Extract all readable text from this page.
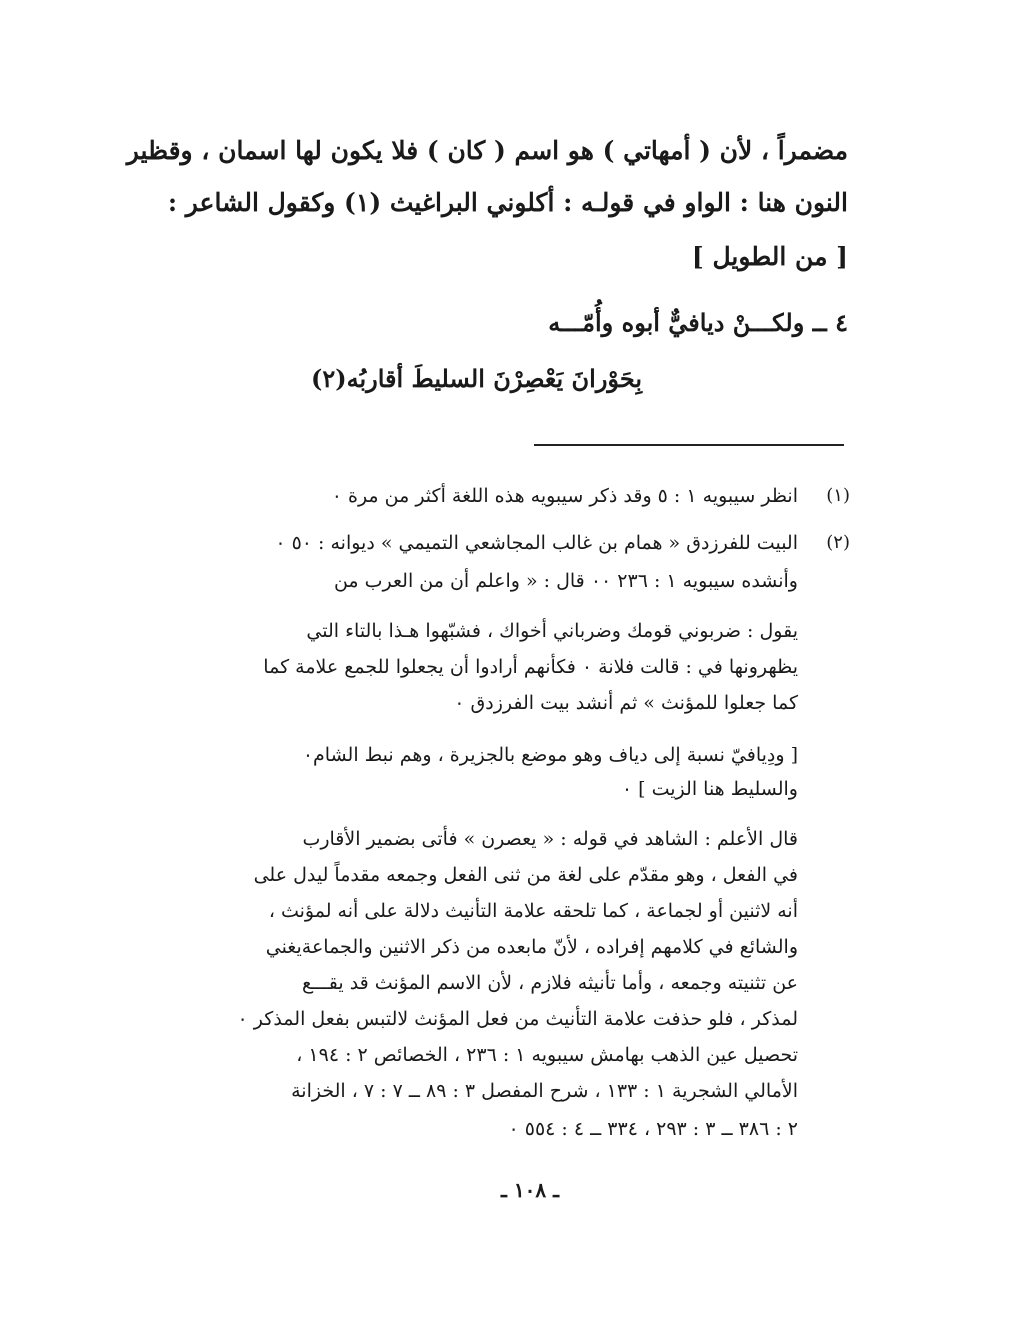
مضمراً ، لأن ( أمهاتي ) هو اسم ( كان ) فلا يكون لها اسمان ، وقظير
النون هنا : الواو في قولـه : أكلوني البراغيث (١) وكقول الشاعر :
[ من الطويل ]
٤ ــ ولكـــنْ ديافيٌّ أبوه وأُمّـــه
بِحَوْرانَ يَعْصِرْنَ السليطَ أقاربُه(٢)
(١)
انظر سيبويه ١ : ٥ وقد ذكر سيبويه هذه اللغة أكثر من مرة ٠
(٢)
البيت للفرزدق « همام بن غالب المجاشعي التميمي » ديوانه : ٥٠ ٠
وأنشده سيبويه ١ : ٢٣٦ ٠٠ قال : « واعلم أن من العرب من
يقول : ضربوني قومك وضرباني أخواك ، فشبّهوا هـذا بالتاء التي
يظهرونها في : قالت فلانة ٠ فكأنهم أرادوا أن يجعلوا للجمع علامة كما
كما جعلوا للمؤنث » ثم أنشد بيت الفرزدق ٠
[ ودِيافيّ نسبة إلى دياف وهو موضع بالجزيرة ، وهم نبط الشام٠
والسليط هنا الزيت ] ٠
قال الأعلم : الشاهد في قوله : « يعصرن » فأتى بضمير الأقارب
في الفعل ، وهو مقدّم على لغة من ثنى الفعل وجمعه مقدماً ليدل على
أنه لاثنين أو لجماعة ، كما تلحقه علامة التأنيث دلالة على أنه لمؤنث ،
والشائع في كلامهم إفراده ، لأنّ مابعده من ذكر الاثنين والجماعةيغني
عن تثنيته وجمعه ، وأما تأنيثه فلازم ، لأن الاسم المؤنث قد يقـــع
لمذكر ، فلو حذفت علامة التأنيث من فعل المؤنث لالتبس بفعل المذكر ٠
تحصيل عين الذهب بهامش سيبويه ١ : ٢٣٦ ، الخصائص ٢ : ١٩٤ ،
الأمالي الشجرية ١ : ١٣٣ ، شرح المفصل ٣ : ٨٩ ــ ٧ : ٧ ، الخزانة
٢ : ٣٨٦ ــ ٣ : ٢٩٣ ، ٣٣٤ ــ ٤ : ٥٥٤ ٠
ـ ١٠٨ ـ
